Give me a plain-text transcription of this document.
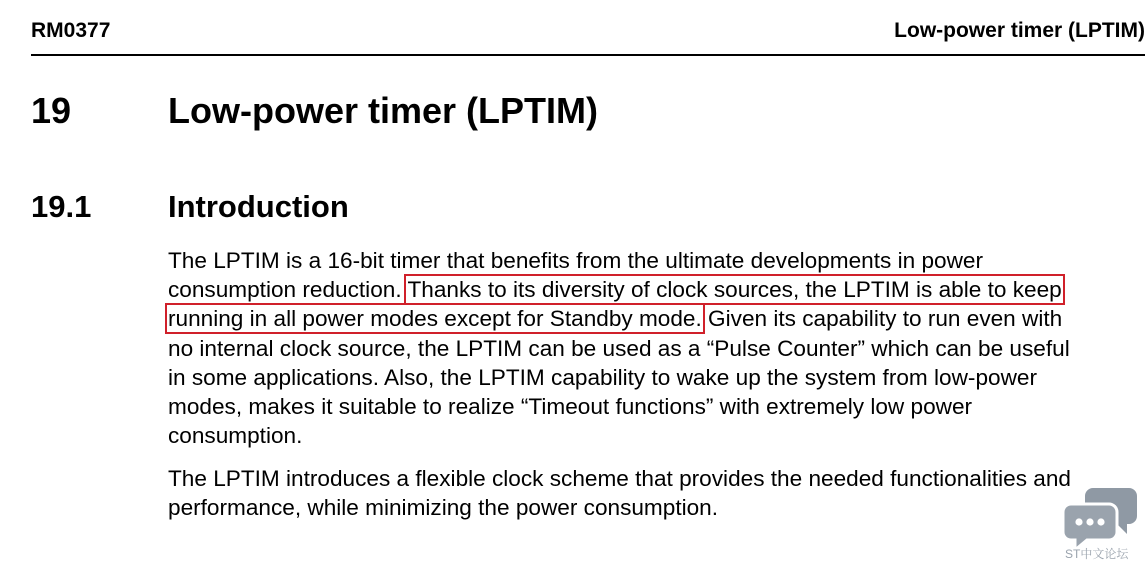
RM0377	Low-power timer (LPTIM)
19	Low-power timer (LPTIM)
19.1 Introduction
The LPTIM is a 16-bit timer that benefits from the ultimate developments in power
consumption reduction. Thanks to its diversity of clock sources, the LPTIM is able to keep
running in all power modes except for Standby mode. Given its capability to run even with
no internal clock source, the LPTIM can be used as a “Pulse Counter” which can be useful
in some applications. Also, the LPTIM capability to wake up the system from low-power
modes, makes it suitable to realize “Timeout functions” with extremely low power
consumption.
The LPTIM introduces a flexible clock scheme that provides the needed functionalities and
performance, while minimizing the power consumption.
ST中文论坛
